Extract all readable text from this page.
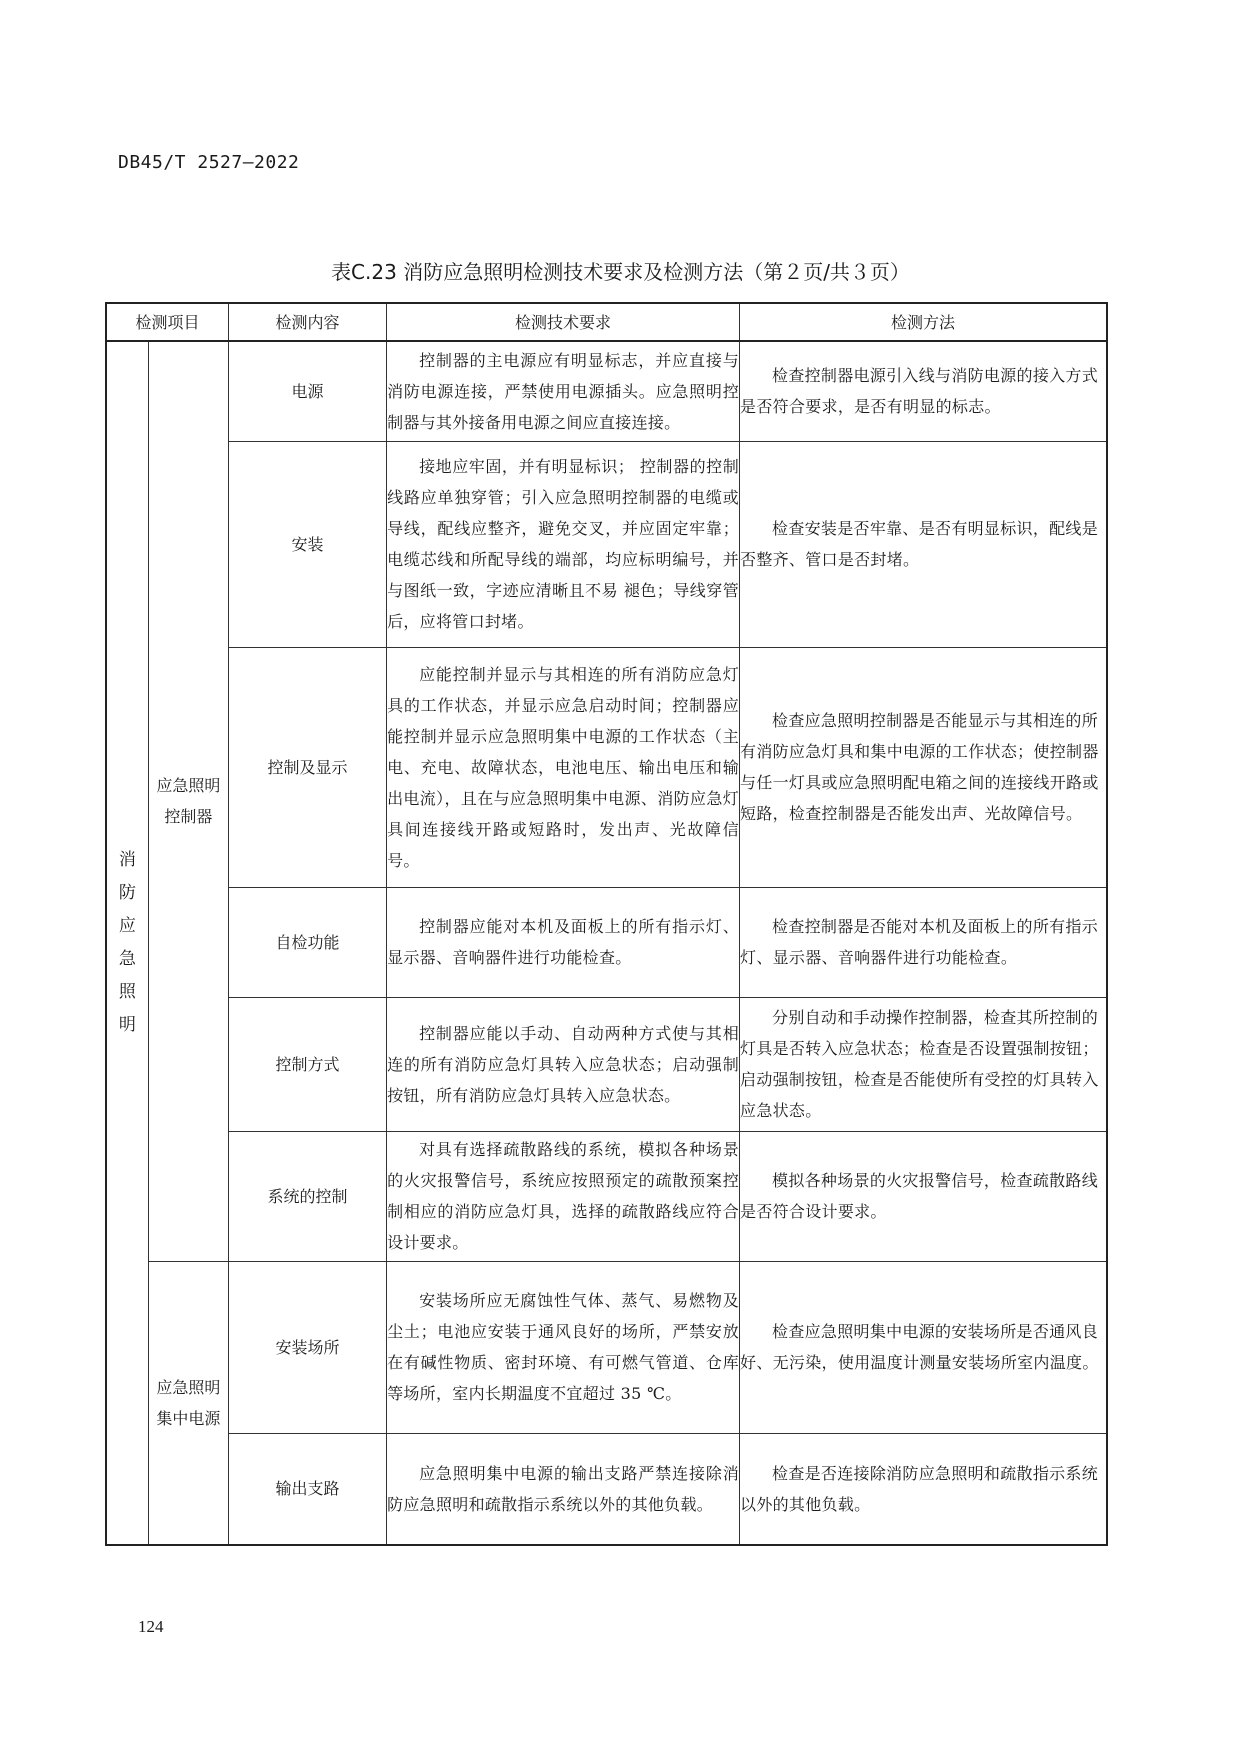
DB45/T 2527—2022
表C.23 消防应急照明检测技术要求及检测方法（第２页/共３页）
检测项目		检测内容	检测技术要求	检测方法

消防应急照明	应急照明控制器	电源	控制器的主电源应有明显标志，并应直接与消防电源连接，严禁使用电源插头。应急照明控制器与其外接备用电源之间应直接连接。	检查控制器电源引入线与消防电源的接入方式是否符合要求，是否有明显的标志。
		安装	接地应牢固，并有明显标识； 控制器的控制线路应单独穿管；引入应急照明控制器的电缆或导线，配线应整齐，避免交叉，并应固定牢靠；电缆芯线和所配导线的端部，均应标明编号，并与图纸一致，字迹应清晰且不易 褪色；导线穿管后，应将管口封堵。	检查安装是否牢靠、是否有明显标识，配线是否整齐、管口是否封堵。
		控制及显示	应能控制并显示与其相连的所有消防应急灯具的工作状态，并显示应急启动时间；控制器应能控制并显示应急照明集中电源的工作状态（主电、充电、故障状态，电池电压、输出电压和输出电流），且在与应急照明集中电源、消防应急灯具间连接线开路或短路时，发出声、光故障信号。	检查应急照明控制器是否能显示与其相连的所有消防应急灯具和集中电源的工作状态；使控制器与任一灯具或应急照明配电箱之间的连接线开路或短路，检查控制器是否能发出声、光故障信号。
		自检功能	控制器应能对本机及面板上的所有指示灯、显示器、音响器件进行功能检查。	检查控制器是否能对本机及面板上的所有指示灯、显示器、音响器件进行功能检查。
		控制方式	控制器应能以手动、自动两种方式使与其相连的所有消防应急灯具转入应急状态；启动强制按钮，所有消防应急灯具转入应急状态。	分别自动和手动操作控制器，检查其所控制的灯具是否转入应急状态；检查是否设置强制按钮；启动强制按钮，检查是否能使所有受控的灯具转入应急状态。
		系统的控制	对具有选择疏散路线的系统，模拟各种场景的火灾报警信号，系统应按照预定的疏散预案控制相应的消防应急灯具，选择的疏散路线应符合设计要求。	模拟各种场景的火灾报警信号，检查疏散路线是否符合设计要求。
	应急照明集中电源	安装场所	安装场所应无腐蚀性气体、蒸气、易燃物及尘土；电池应安装于通风良好的场所，严禁安放在有碱性物质、密封环境、有可燃气管道、仓库等场所，室内长期温度不宜超过 35 ℃。	检查应急照明集中电源的安装场所是否通风良好、无污染，使用温度计测量安装场所室内温度。
		输出支路	应急照明集中电源的输出支路严禁连接除消防应急照明和疏散指示系统以外的其他负载。	检查是否连接除消防应急照明和疏散指示系统以外的其他负载。
124
